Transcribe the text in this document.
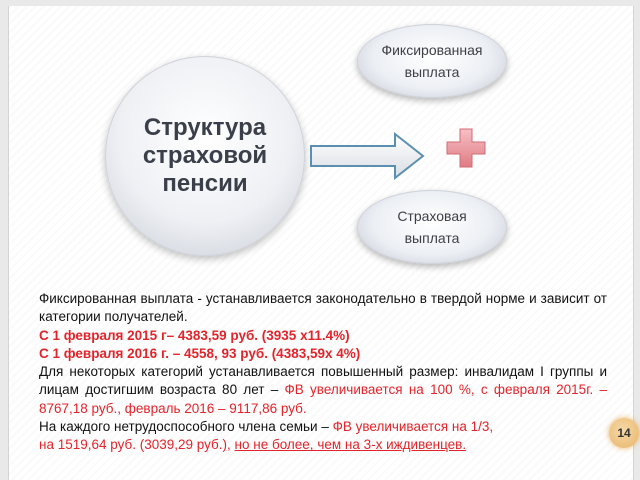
Структура
страховой
пенсии
Фиксированная
выплата
Страховая
выплата

Фиксированная выплата - устанавливается законодательно в твердой норме и зависит от категории получателей.

С 1 февраля 2015 г– 4383,59 руб. (3935 х11.4%)

С 1 февраля 2016 г. – 4558, 93 руб. (4383,59х 4%)

Для некоторых категорий устанавливается повышенный размер: инвалидам I группы и лицам достигшим возраста 80 лет – ФВ увеличивается на 100 %, с февраля 2015г. – 8767,18 руб., февраль 2016 – 9117,86 руб.

На каждого нетрудоспособного члена семьи – ФВ увеличивается на 1/3,
на 1519,64 руб. (3039,29 руб.), но не более, чем на 3-х иждивенцев.

14
